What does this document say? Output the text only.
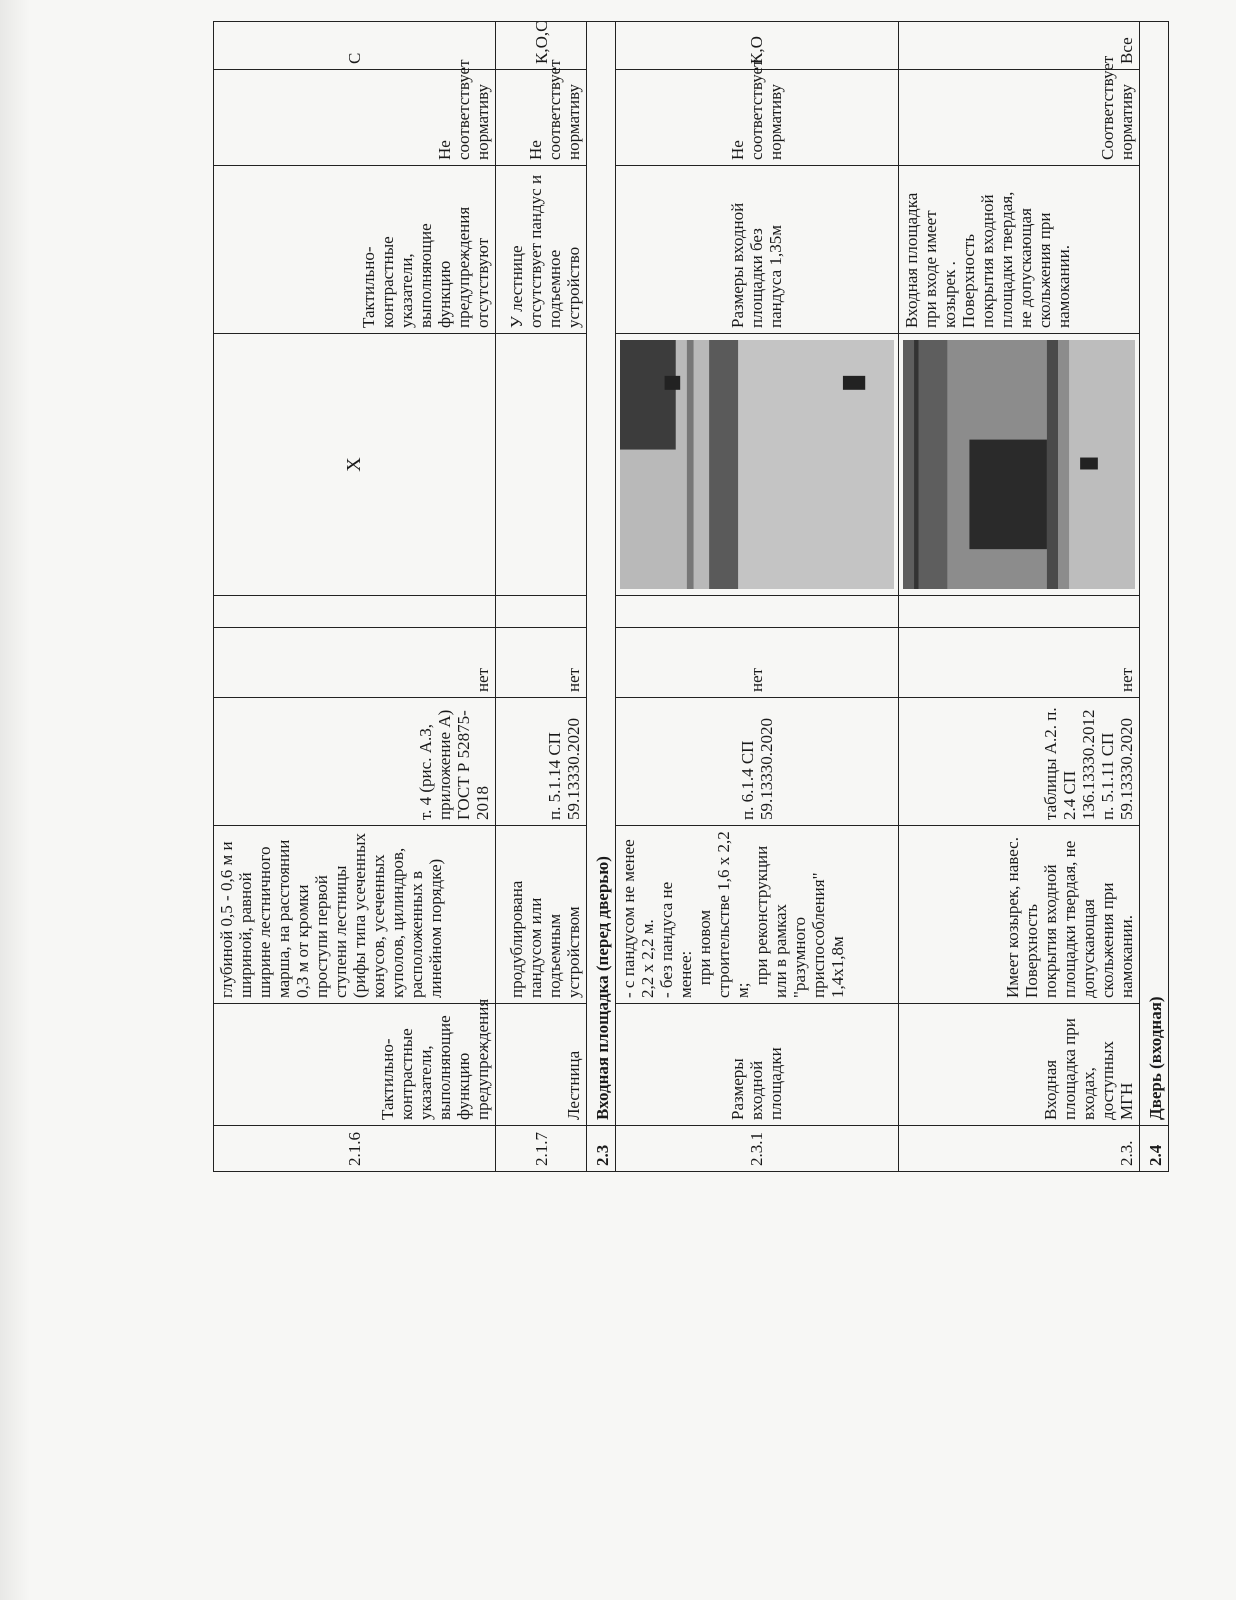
2.1.6	Тактильно-контрастные указатели, выполняющие функцию предупреждения	глубиной 0,5 - 0,6 м и шириной, равной ширине лестничного марша, на расстоянии 0,3 м от кромки проступи первой ступени лестницы (рифы типа усеченных конусов, усеченных куполов, цилиндров, расположенных в линейном порядке)	т. 4 (рис. А.3, приложение А) ГОСТ Р 52875-2018	нет		X	Тактильно-контрастные указатели, выполняющие функцию предупреждения отсутствуют	Не соответствует нормативу	С
2.1.7	Лестница	продублирована пандусом или подъемным устройством	п. 5.1.14 СП 59.13330.2020	нет			У лестнице отсутствует пандус и подъемное устройство	Не соответствует нормативу	К,О,С
2.3	Входная площадка (перед дверью)								
2.3.1	Размеры входной площадки	- с пандусом не менее 2,2 х 2,2 м.
- без пандуса не менее:
при новом строительстве 1,6 х 2,2 м;
при реконструкции или в рамках "разумного приспособления" 1,4х1,8м	п. 6.1.4 СП 59.13330.2020	нет			Размеры входной площадки без пандуса 1,35м	Не соответствует нормативу	К,О
2.3.	Входная площадка при входах, доступных МГН	Имеет козырек, навес. Поверхность покрытия входной площадки твердая, не допускающая скольжения при намокании.	таблицы А.2. п. 2.4 СП 136.13330.2012 п. 5.1.11 СП 59.13330.2020	нет			Входная площадка при входе имеет козырек . Поверхность покрытия входной площадки твердая, не допускающая скольжения при намокании.	Соответствует нормативу	Все
2.4	Дверь (входная)								
